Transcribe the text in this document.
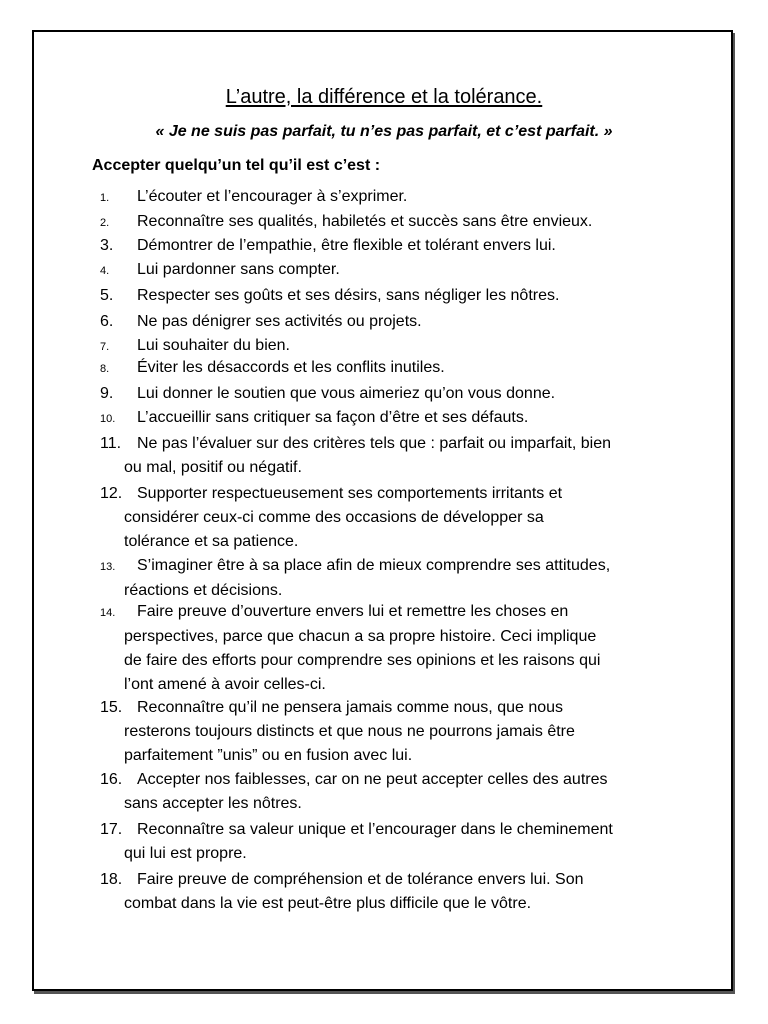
L’autre, la différence et la tolérance.
« Je ne suis pas parfait, tu n’es pas parfait, et c’est parfait. »
Accepter quelqu’un tel qu’il est c’est :
1. L’écouter et l’encourager à s’exprimer.
2. Reconnaître ses qualités, habiletés et succès sans être envieux.
3. Démontrer de l’empathie, être flexible et tolérant envers lui.
4. Lui pardonner sans compter.
5. Respecter ses goûts et ses désirs, sans négliger les nôtres.
6. Ne pas dénigrer ses activités ou projets.
7. Lui souhaiter du bien.
8. Éviter les désaccords et les conflits inutiles.
9. Lui donner le soutien que vous aimeriez qu’on vous donne.
10. L’accueillir sans critiquer sa façon d’être et ses défauts.
11. Ne pas l’évaluer sur des critères tels que : parfait ou imparfait, bien
ou mal, positif ou négatif.
12. Supporter respectueusement ses comportements irritants et
considérer ceux-ci comme des occasions de développer sa
tolérance et sa patience.
13. S’imaginer être à sa place afin de mieux comprendre ses attitudes,
réactions et décisions.
14. Faire preuve d’ouverture envers lui et remettre les choses en
perspectives, parce que chacun a sa propre histoire. Ceci implique
de faire des efforts pour comprendre ses opinions et les raisons qui
l’ont amené à avoir celles-ci.
15. Reconnaître qu’il ne pensera jamais comme nous, que nous
resterons toujours distincts et que nous ne pourrons jamais être
parfaitement ”unis” ou en fusion avec lui.
16. Accepter nos faiblesses, car on ne peut accepter celles des autres
sans accepter les nôtres.
17. Reconnaître sa valeur unique et l’encourager dans le cheminement
qui lui est propre.
18. Faire preuve de compréhension et de tolérance envers lui. Son
combat dans la vie est peut-être plus difficile que le vôtre.
